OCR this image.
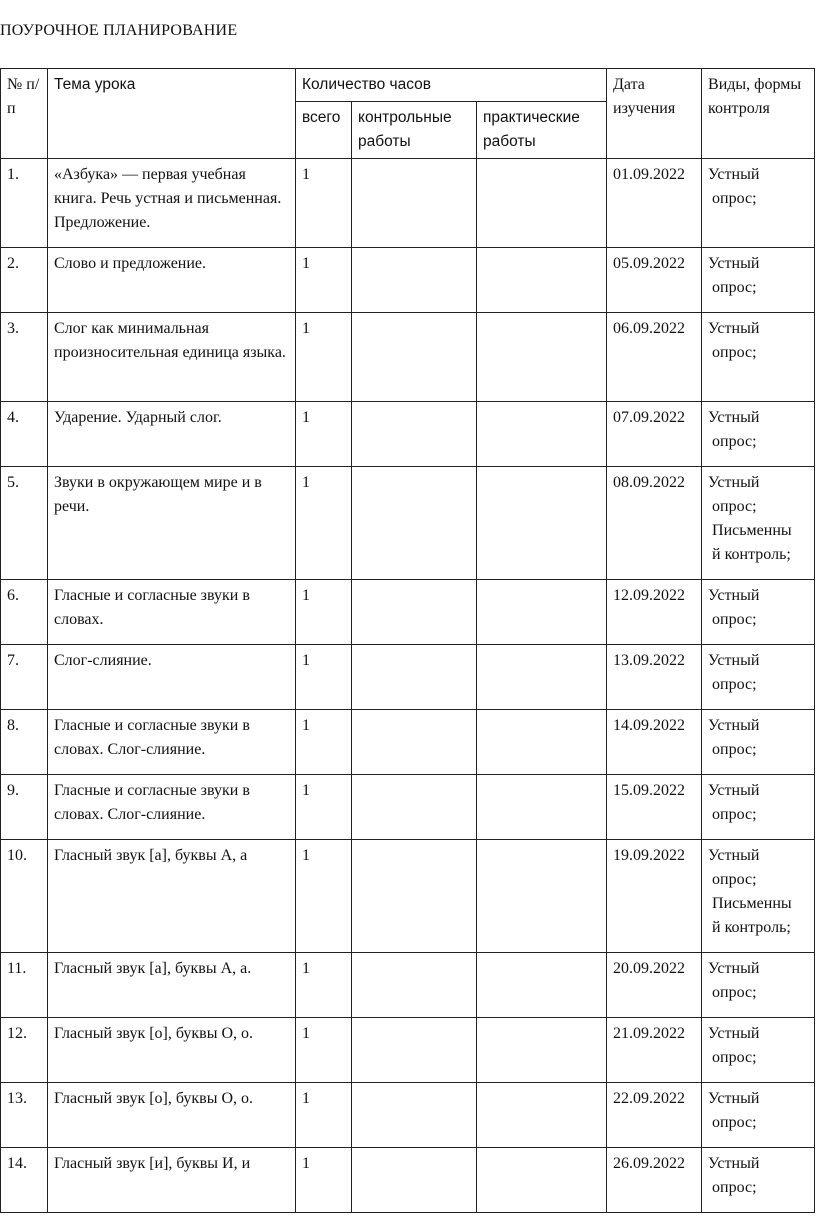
ПОУРОЧНОЕ ПЛАНИРОВАНИЕ
№ п/п	Тема урока	Количество часов			Дата изучения	Виды, формы контроля
		всего	контрольные работы	практические работы		
1.	«Азбука» — первая учебная книга. Речь устная и письменная. Предложение.	1			01.09.2022	Устный
опрос;

2.	Слово и предложение.	1			05.09.2022	Устный
опрос;

3.	Слог как минимальная произносительная единица языка.	1			06.09.2022	Устный
опрос;

4.	Ударение. Ударный слог.	1			07.09.2022	Устный
опрос;

5.	Звуки в окружающем мире и в речи.	1			08.09.2022	Устный
опрос;
Письменны
й контроль;

6.	Гласные и согласные звуки в словах.	1			12.09.2022	Устный
опрос;

7.	Слог-слияние.	1			13.09.2022	Устный
опрос;

8.	Гласные и согласные звуки в словах. Слог-слияние.	1			14.09.2022	Устный
опрос;

9.	Гласные и согласные звуки в словах. Слог-слияние.	1			15.09.2022	Устный
опрос;

10.	Гласный звук [а], буквы А, а	1			19.09.2022	Устный
опрос;
Письменны
й контроль;

11.	Гласный звук [а], буквы А, а.	1			20.09.2022	Устный
опрос;

12.	Гласный звук [о], буквы О, о.	1			21.09.2022	Устный
опрос;

13.	Гласный звук [о], буквы О, о.	1			22.09.2022	Устный
опрос;

14.	Гласный звук [и], буквы И, и	1			26.09.2022	Устный
опрос;
